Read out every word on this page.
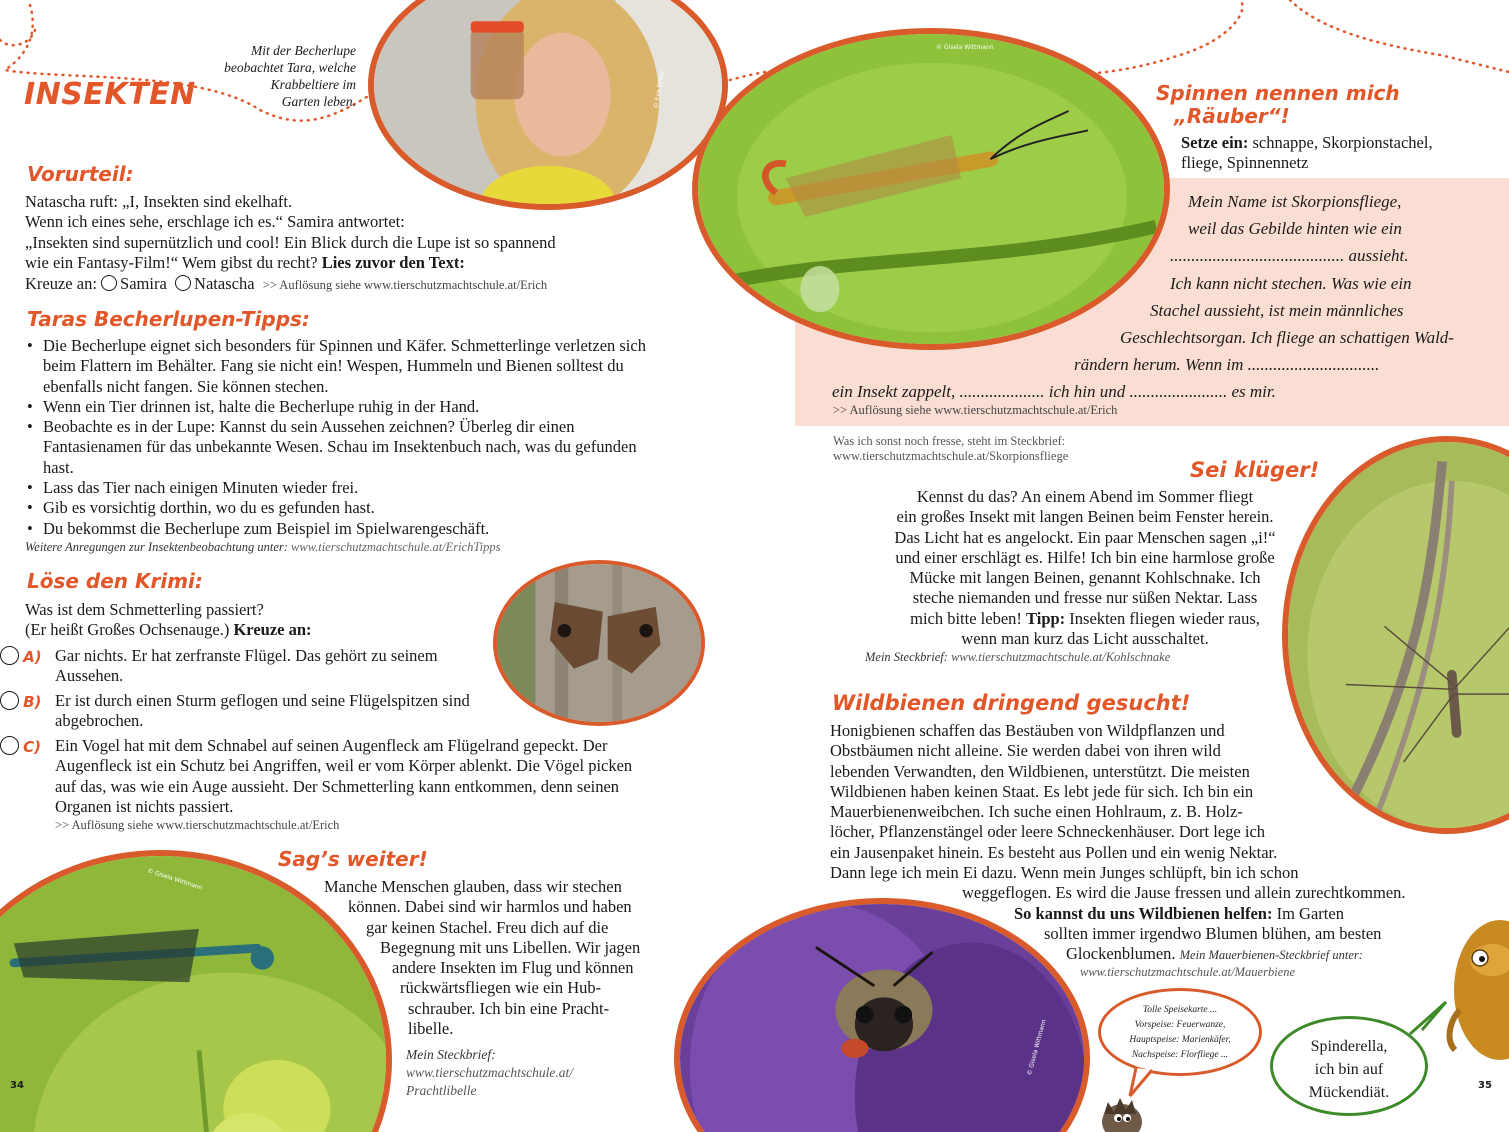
INSEKTEN
Mit der Becherlupe
beobachtet Tara, welche
Krabbeltiere im
Garten leben.	© Eva Stiller
Vorurteil:
Natascha ruft: „I, Insekten sind ekelhaft.
Wenn ich eines sehe, erschlage ich es.“ Samira antwortet:
„Insekten sind supernützlich und cool! Ein Blick durch die Lupe ist so spannend
wie ein Fantasy-Film!“ Wem gibst du recht? Lies zuvor den Text:
Kreuze an: Samira Natascha >> Auflösung siehe www.tierschutzmachtschule.at/Erich
Taras Becherlupen-Tipps:
• Die Becherlupe eignet sich besonders für Spinnen und Käfer. Schmetterlinge verletzen sich beim Flattern im Behälter. Fang sie nicht ein! Wespen, Hummeln und Bienen solltest du ebenfalls nicht fangen. Sie können stechen.
• Wenn ein Tier drinnen ist, halte die Becherlupe ruhig in der Hand.
• Beobachte es in der Lupe: Kannst du sein Aussehen zeichnen? Überleg dir einen Fantasienamen für das unbekannte Wesen. Schau im Insektenbuch nach, was du gefunden hast.
• Lass das Tier nach einigen Minuten wieder frei.
• Gib es vorsichtig dorthin, wo du es gefunden hast.
• Du bekommst die Becherlupe zum Beispiel im Spielwarengeschäft.
Weitere Anregungen zur Insektenbeobachtung unter: www.tierschutzmachtschule.at/ErichTipps
Löse den Krimi:
Was ist dem Schmetterling passiert?
(Er heißt Großes Ochsenauge.) Kreuze an:
A) Gar nichts. Er hat zerfranste Flügel. Das gehört zu seinem Aussehen.
B) Er ist durch einen Sturm geflogen und seine Flügelspitzen sind abgebrochen.
C) Ein Vogel hat mit dem Schnabel auf seinen Augenfleck am Flügelrand gepeckt. Der Augenfleck ist ein Schutz bei Angriffen, weil er vom Körper ablenkt. Die Vögel picken auf das, was wie ein Auge aussieht. Der Schmetterling kann entkommen, denn seinen Organen ist nichts passiert.
>> Auflösung siehe www.tierschutzmachtschule.at/Erich
© Gisela Wittmann
Sag’s weiter!
Manche Menschen glauben, dass wir stechen
können. Dabei sind wir harmlos und haben
gar keinen Stachel. Freu dich auf die
Begegnung mit uns Libellen. Wir jagen
andere Insekten im Flug und können
rückwärtsfliegen wie ein Hub-
schrauber. Ich bin eine Pracht-
libelle.
Mein Steckbrief:
www.tierschutzmachtschule.at/
Prachtlibelle
34
© Gisela Wittmann
Spinnen nennen mich
„Räuber“!
Setze ein: schnappe, Skorpionstachel,
fliege, Spinnennetz
Mein Name ist Skorpionsfliege,
weil das Gebilde hinten wie ein
......................................... aussieht.
Ich kann nicht stechen. Was wie ein
Stachel aussieht, ist mein männliches
Geschlechtsorgan. Ich fliege an schattigen Wald-
rändern herum. Wenn im ...............................
ein Insekt zappelt, .................... ich hin und ....................... es mir.
>> Auflösung siehe www.tierschutzmachtschule.at/Erich
Was ich sonst noch fresse, steht im Steckbrief:
www.tierschutzmachtschule.at/Skorpionsfliege
Sei klüger!
Kennst du das? An einem Abend im Sommer fliegt
ein großes Insekt mit langen Beinen beim Fenster herein.
Das Licht hat es angelockt. Ein paar Menschen sagen „i!“
und einer erschlägt es. Hilfe! Ich bin eine harmlose große
Mücke mit langen Beinen, genannt Kohlschnake. Ich
steche niemanden und fresse nur süßen Nektar. Lass
mich bitte leben! Tipp: Insekten fliegen wieder raus,
wenn man kurz das Licht ausschaltet.
Mein Steckbrief: www.tierschutzmachtschule.at/Kohlschnake
Wildbienen dringend gesucht!
Honigbienen schaffen das Bestäuben von Wildpflanzen und
Obstbäumen nicht alleine. Sie werden dabei von ihren wild
lebenden Verwandten, den Wildbienen, unterstützt. Die meisten
Wildbienen haben keinen Staat. Es lebt jede für sich. Ich bin ein
Mauerbienenweibchen. Ich suche einen Hohlraum, z. B. Holz-
löcher, Pflanzenstängel oder leere Schneckenhäuser. Dort lege ich
ein Jausenpaket hinein. Es besteht aus Pollen und ein wenig Nektar.
Dann lege ich mein Ei dazu. Wenn mein Junges schlüpft, bin ich schon
weggeflogen. Es wird die Jause fressen und allein zurechtkommen.
So kannst du uns Wildbienen helfen: Im Garten
sollten immer irgendwo Blumen blühen, am besten
Glockenblumen. Mein Mauerbienen-Steckbrief unter:
www.tierschutzmachtschule.at/Mauerbiene
© Gisela Wittmann
Tolle Speisekarte ...
Vorspeise: Feuerwanze,
Hauptspeise: Marienkäfer,
Nachspeise: Florfliege ...	Spinderella,
ich bin auf
Mückendiät.	35
